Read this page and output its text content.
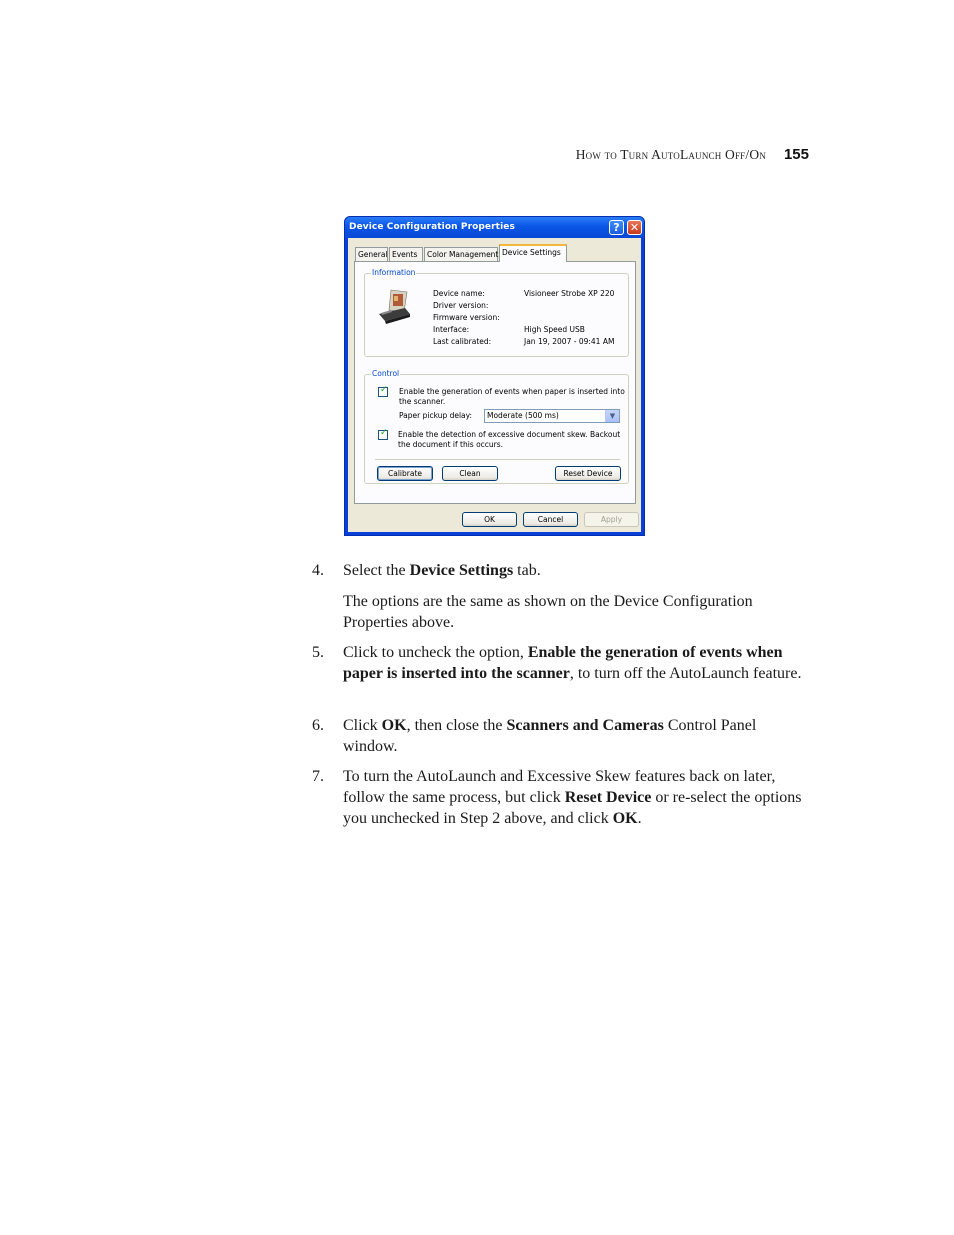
How to Turn AutoLaunch Off/On 155
Device Configuration Properties	? ✕
General Events	Color Management Device Settings
Information
Device name:	Visioneer Strobe XP 220
Driver version:
Firmware version:
Interface:	High Speed USB
Last calibrated:	Jan 19, 2007 - 09:41 AM
Control
✓ Enable the generation of events when paper is inserted into
the scanner.
Paper pickup delay: Moderate (500 ms)	▼
✓ Enable the detection of excessive document skew. Backout
the document if this occurs.
Calibrate	Clean	Reset Device
OK	Cancel	Apply
4. Select the Device Settings tab.
The options are the same as shown on the Device Configuration Properties above.
5. Click to uncheck the option, Enable the generation of events when paper is inserted into the scanner, to turn off the AutoLaunch feature.
6. Click OK, then close the Scanners and Cameras Control Panel window.
7. To turn the AutoLaunch and Excessive Skew features back on later, follow the same process, but click Reset Device or re-select the options you unchecked in Step 2 above, and click OK.
